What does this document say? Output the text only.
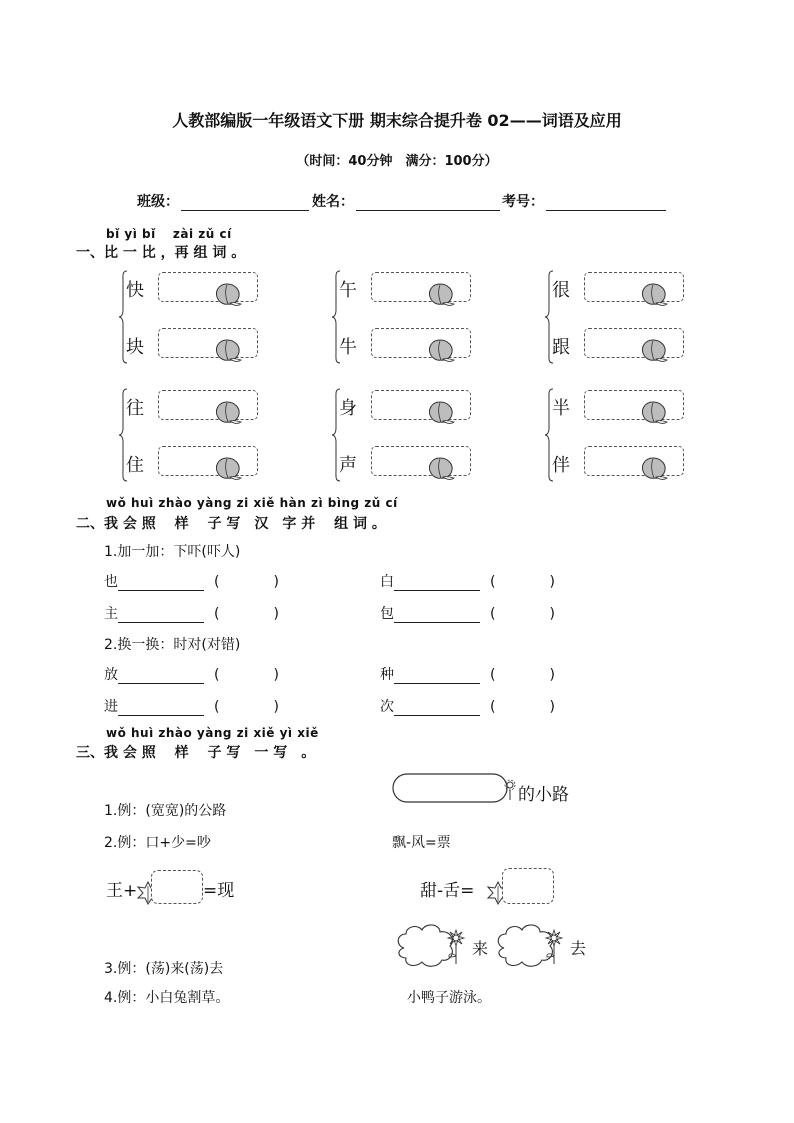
人教部编版一年级语文下册 期末综合提升卷 02——词语及应用
（时间：40分钟　满分：100分）
班级：	姓名：	考号：
bǐ yì bǐ　 zài zǔ cí
一、比 一 比 ，再 组 词 。
快
块
午
牛
很
跟
往
住
身
声
半
伴
wǒ huì zhào yàng zi xiě hàn zì bìng zǔ cí
二、我 会 照　 样　 子 写　汉　字 并　 组 词 。
1.加一加：下吓(吓人)
2.换一换：时对(对错)
也	(	)	白	(	)
主	(	)	包	(	)
放	(	)	种	(	)
进	(	)	次	(	)
wǒ huì zhào yàng zi xiě yì xiě
三、我 会 照　 样　 子 写　一 写　。
1.例：(宽宽)的公路
的小路
2.例：口+少=吵	飘-风=票
王+	=现	甜-舌=
来	去
3.例：(荡)来(荡)去
4.例：小白兔割草。	小鸭子游泳。
